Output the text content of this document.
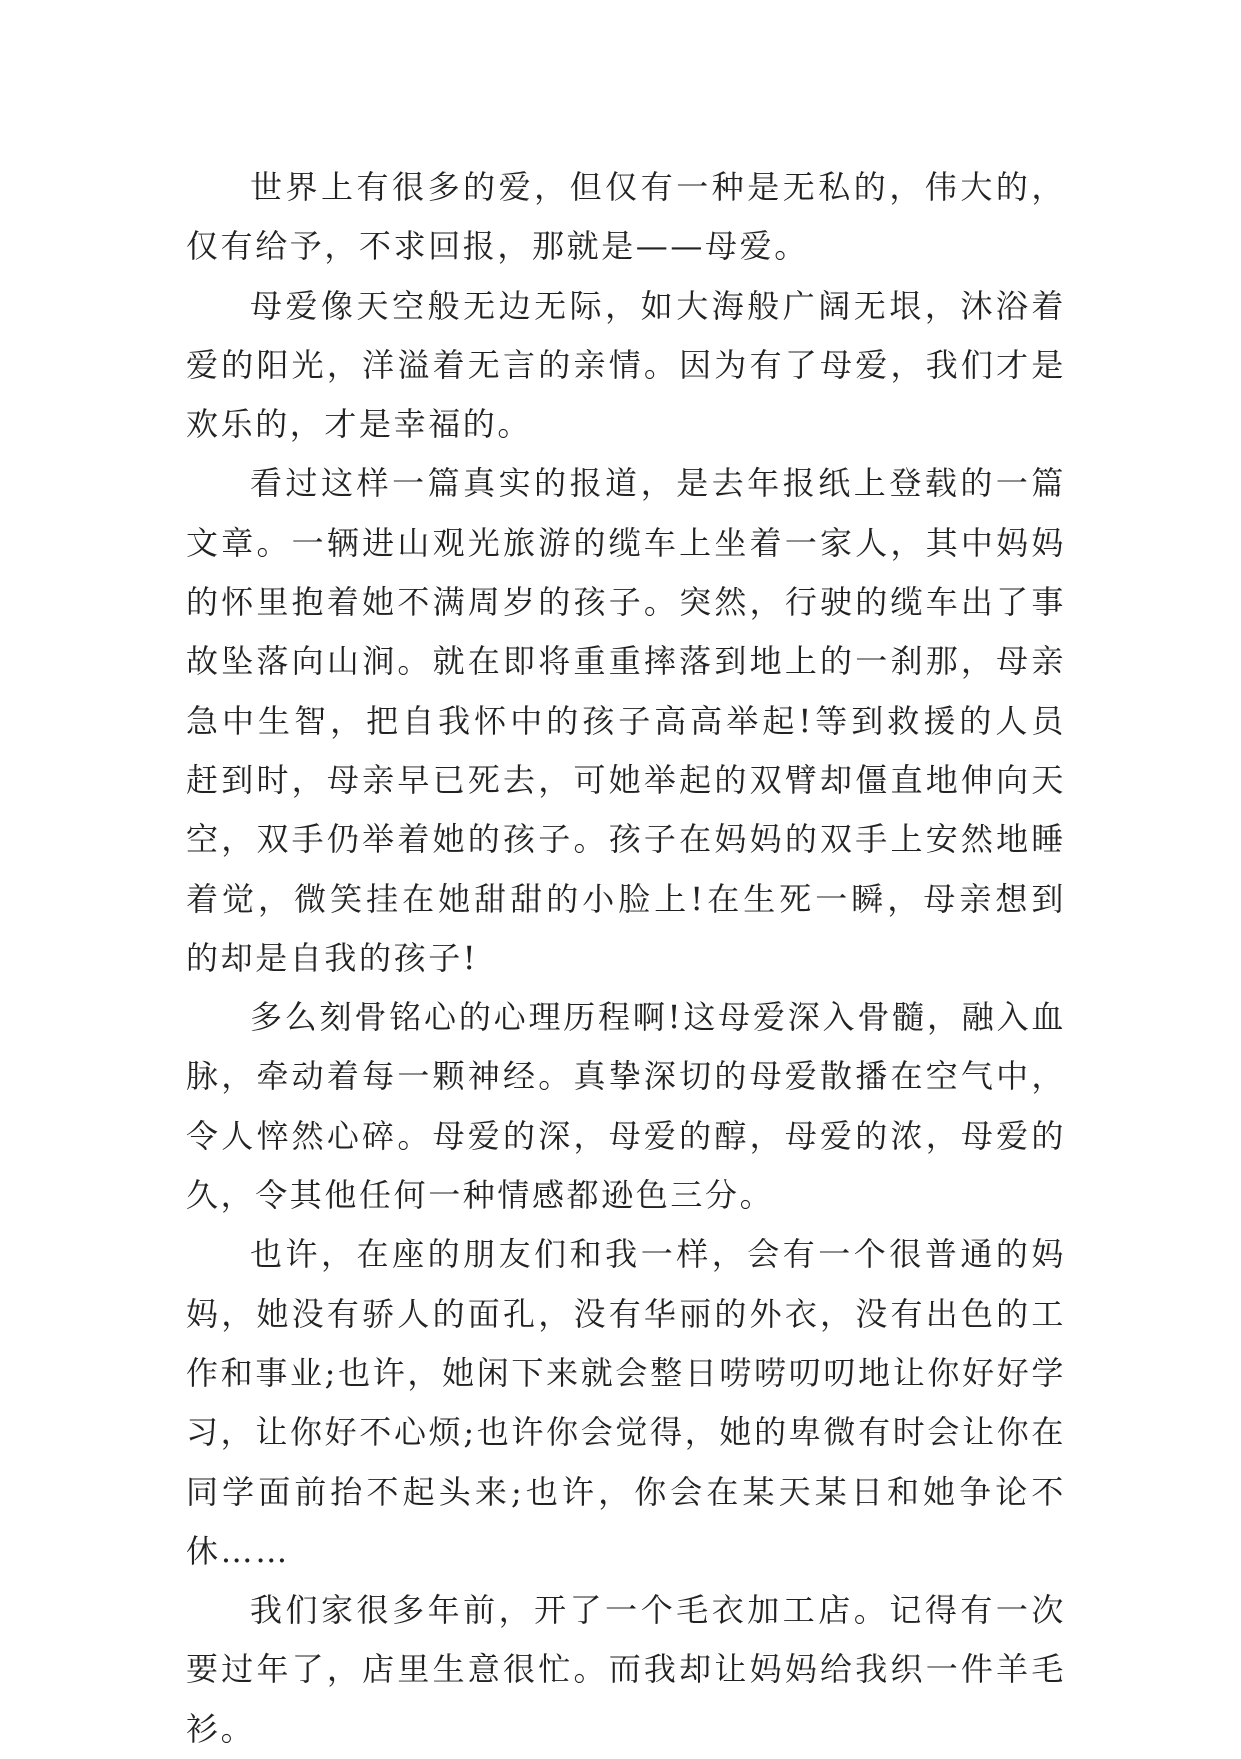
世界上有很多的爱，但仅有一种是无私的，伟大的，仅有给予，不求回报，那就是——母爱。

母爱像天空般无边无际，如大海般广阔无垠，沐浴着爱的阳光，洋溢着无言的亲情。因为有了母爱，我们才是欢乐的，才是幸福的。

看过这样一篇真实的报道，是去年报纸上登载的一篇文章。一辆进山观光旅游的缆车上坐着一家人，其中妈妈的怀里抱着她不满周岁的孩子。突然，行驶的缆车出了事故坠落向山涧。就在即将重重摔落到地上的一刹那，母亲急中生智，把自我怀中的孩子高高举起!等到救援的人员赶到时，母亲早已死去，可她举起的双臂却僵直地伸向天空，双手仍举着她的孩子。孩子在妈妈的双手上安然地睡着觉，微笑挂在她甜甜的小脸上!在生死一瞬，母亲想到的却是自我的孩子!

多么刻骨铭心的心理历程啊!这母爱深入骨髓，融入血脉，牵动着每一颗神经。真挚深切的母爱散播在空气中，令人悴然心碎。母爱的深，母爱的醇，母爱的浓，母爱的久，令其他任何一种情感都逊色三分。

也许，在座的朋友们和我一样，会有一个很普通的妈妈，她没有骄人的面孔，没有华丽的外衣，没有出色的工作和事业;也许，她闲下来就会整日唠唠叨叨地让你好好学习，让你好不心烦;也许你会觉得，她的卑微有时会让你在同学面前抬不起头来;也许，你会在某天某日和她争论不休……

我们家很多年前，开了一个毛衣加工店。记得有一次要过年了，店里生意很忙。而我却让妈妈给我织一件羊毛衫。
